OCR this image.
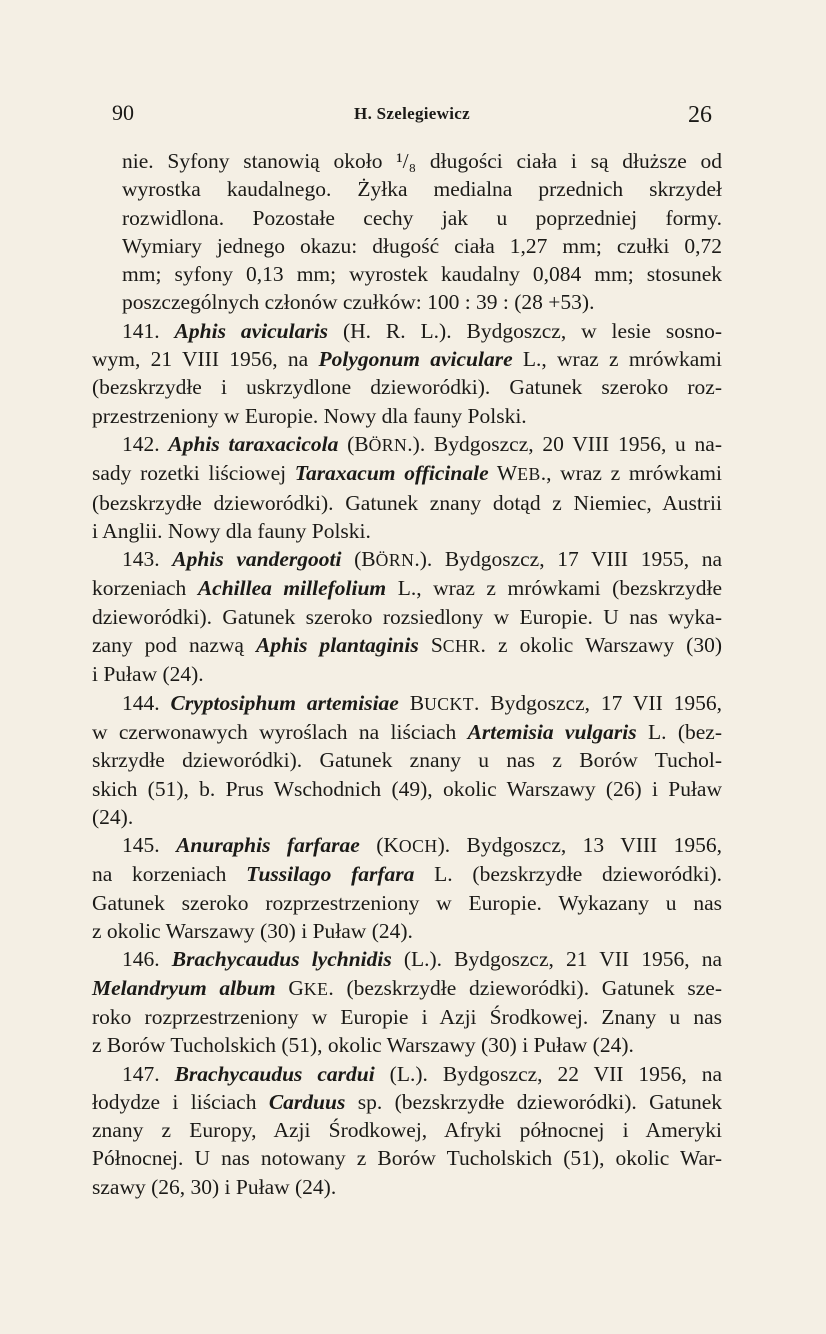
90	H. Szelegiewicz	26
nie. Syfony stanowią około ¹/₈ długości ciała i są dłuższe od
wyrostka kaudalnego. Żyłka medialna przednich skrzydeł
rozwidlona. Pozostałe cechy jak u poprzedniej formy.
Wymiary jednego okazu: długość ciała 1,27 mm; czułki 0,72
mm; syfony 0,13 mm; wyrostek kaudalny 0,084 mm; stosunek
poszczególnych członów czułków: 100 : 39 : (28 +53).
141. Aphis avicularis (H. R. L.). Bydgoszcz, w lesie sosno-
wym, 21 VIII 1956, na Polygonum aviculare L., wraz z mrówkami
(bezskrzydłe i uskrzydlone dzieworódki). Gatunek szeroko roz-
przestrzeniony w Europie. Nowy dla fauny Polski.
142. Aphis taraxacicola (BÖRN.). Bydgoszcz, 20 VIII 1956, u na-
sady rozetki liściowej Taraxacum officinale WEB., wraz z mrówkami
(bezskrzydłe dzieworódki). Gatunek znany dotąd z Niemiec, Austrii
i Anglii. Nowy dla fauny Polski.
143. Aphis vandergooti (BÖRN.). Bydgoszcz, 17 VIII 1955, na
korzeniach Achillea millefolium L., wraz z mrówkami (bezskrzydłe
dzieworódki). Gatunek szeroko rozsiedlony w Europie. U nas wyka-
zany pod nazwą Aphis plantaginis SCHR. z okolic Warszawy (30)
i Puław (24).
144. Cryptosiphum artemisiae BUCKT. Bydgoszcz, 17 VII 1956,
w czerwonawych wyroślach na liściach Artemisia vulgaris L. (bez-
skrzydłe dzieworódki). Gatunek znany u nas z Borów Tuchol-
skich (51), b. Prus Wschodnich (49), okolic Warszawy (26) i Puław
(24).
145. Anuraphis farfarae (KOCH). Bydgoszcz, 13 VIII 1956,
na korzeniach Tussilago farfara L. (bezskrzydłe dzieworódki).
Gatunek szeroko rozprzestrzeniony w Europie. Wykazany u nas
z okolic Warszawy (30) i Puław (24).
146. Brachycaudus lychnidis (L.). Bydgoszcz, 21 VII 1956, na
Melandryum album GKE. (bezskrzydłe dzieworódki). Gatunek sze-
roko rozprzestrzeniony w Europie i Azji Środkowej. Znany u nas
z Borów Tucholskich (51), okolic Warszawy (30) i Puław (24).
147. Brachycaudus cardui (L.). Bydgoszcz, 22 VII 1956, na
łodydze i liściach Carduus sp. (bezskrzydłe dzieworódki). Gatunek
znany z Europy, Azji Środkowej, Afryki północnej i Ameryki
Północnej. U nas notowany z Borów Tucholskich (51), okolic War-
szawy (26, 30) i Puław (24).
